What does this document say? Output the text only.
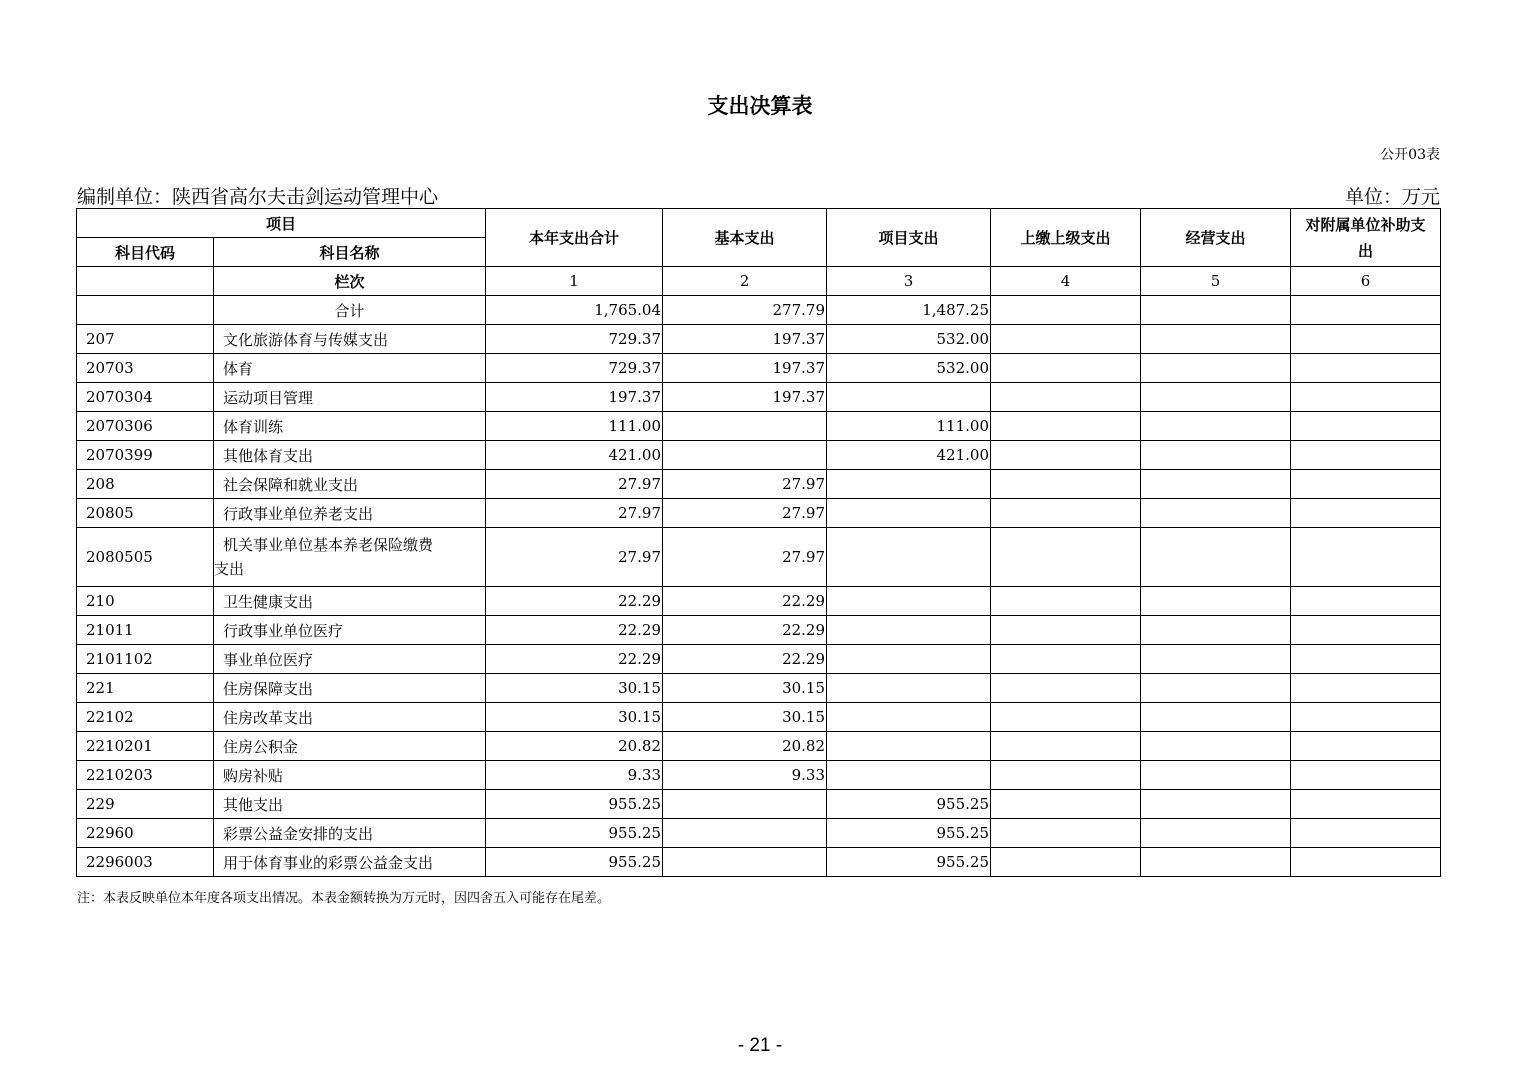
支出决算表
公开03表
编制单位：陕西省高尔夫击剑运动管理中心	单位：万元
项目		本年支出合计	基本支出	项目支出	上缴上级支出	经营支出	对附属单位补助支
出

科目代码	科目名称						
	栏次	1	2	3	4	5	6
	合计	1,765.04	277.79	1,487.25			
207	文化旅游体育与传媒支出	729.37	197.37	532.00			
20703	体育	729.37	197.37	532.00			
2070304	运动项目管理	197.37	197.37				
2070306	体育训练	111.00		111.00			
2070399	其他体育支出	421.00		421.00			
208	社会保障和就业支出	27.97	27.97				
20805	行政事业单位养老支出	27.97	27.97				
2080505	机关事业单位基本养老保险缴费
支出	27.97	27.97				
210	卫生健康支出	22.29	22.29				
21011	行政事业单位医疗	22.29	22.29				
2101102	事业单位医疗	22.29	22.29				
221	住房保障支出	30.15	30.15				
22102	住房改革支出	30.15	30.15				
2210201	住房公积金	20.82	20.82				
2210203	购房补贴	9.33	9.33				
229	其他支出	955.25		955.25			
22960	彩票公益金安排的支出	955.25		955.25			
2296003	用于体育事业的彩票公益金支出	955.25		955.25			
注：本表反映单位本年度各项支出情况。本表金额转换为万元时，因四舍五入可能存在尾差。
- 21 -
